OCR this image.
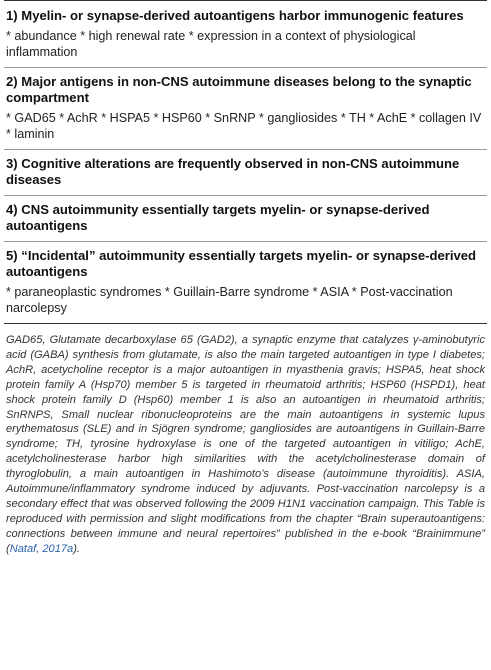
1) Myelin- or synapse-derived autoantigens harbor immunogenic features
* abundance * high renewal rate * expression in a context of physiological inflammation
2) Major antigens in non-CNS autoimmune diseases belong to the synaptic compartment
* GAD65 * AchR * HSPA5 * HSP60 * SnRNP * gangliosides * TH * AchE * collagen IV * laminin
3) Cognitive alterations are frequently observed in non-CNS autoimmune diseases
4) CNS autoimmunity essentially targets myelin- or synapse-derived autoantigens
5) “Incidental” autoimmunity essentially targets myelin- or synapse-derived autoantigens
* paraneoplastic syndromes * Guillain-Barre syndrome * ASIA * Post-vaccination narcolepsy
GAD65, Glutamate decarboxylase 65 (GAD2), a synaptic enzyme that catalyzes γ-aminobutyric acid (GABA) synthesis from glutamate, is also the main targeted autoantigen in type I diabetes; AchR, acetycholine receptor is a major autoantigen in myasthenia gravis; HSPA5, heat shock protein family A (Hsp70) member 5 is targeted in rheumatoid arthritis; HSP60 (HSPD1), heat shock protein family D (Hsp60) member 1 is also an autoantigen in rheumatoid arthritis; SnRNPS, Small nuclear ribonucleoproteins are the main autoantigens in systemic lupus erythematosus (SLE) and in Sjögren syndrome; gangliosides are autoantigens in Guillain-Barre syndrome; TH, tyrosine hydroxylase is one of the targeted autoantigen in vitiligo; AchE, acetylcholinesterase harbor high similarities with the acetylcholinesterase domain of thyroglobulin, a main autoantigen in Hashimoto’s disease (autoimmune thyroiditis). ASIA, Autoimmune/inflammatory syndrome induced by adjuvants. Post-vaccination narcolepsy is a secondary effect that was observed following the 2009 H1N1 vaccination campaign. This Table is reproduced with permission and slight modifications from the chapter “Brain superautoantigens: connections between immune and neural repertoires” published in the e-book “Brainimmune” (Nataf, 2017a).
